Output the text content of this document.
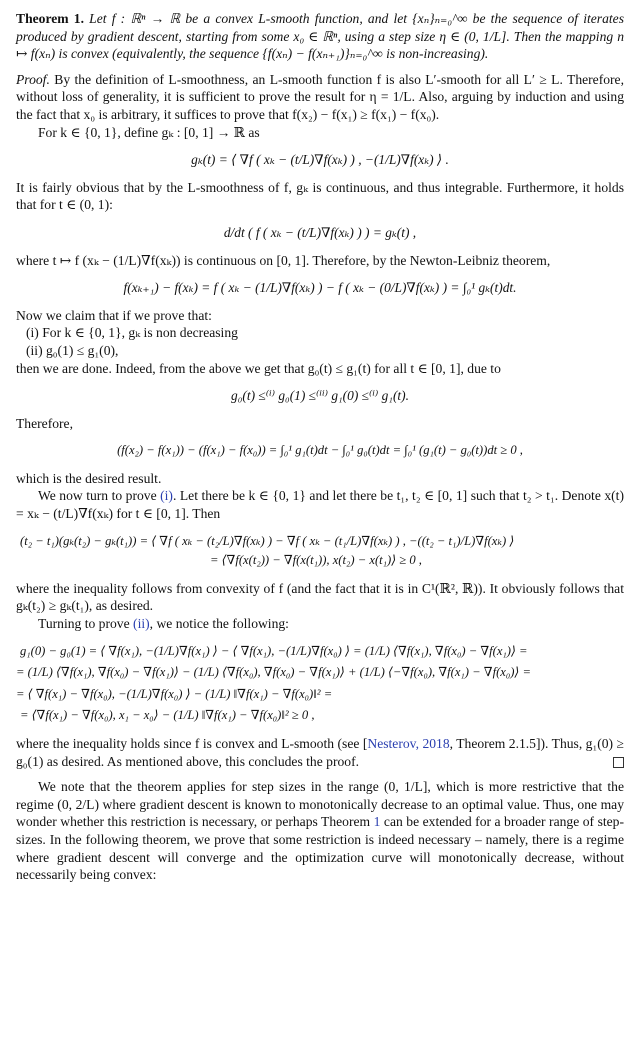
Theorem 1. Let f : ℝⁿ → ℝ be a convex L-smooth function, and let {xₙ}ₙ₌₀^∞ be the sequence of iterates produced by gradient descent, starting from some x₀ ∈ ℝⁿ, using a step size η ∈ (0, 1/L]. Then the mapping n ↦ f(xₙ) is convex (equivalently, the sequence {f(xₙ) − f(xₙ₊₁)}ₙ₌₀^∞ is non-increasing).

Proof. By the definition of L-smoothness, an L-smooth function f is also L′-smooth for all L′ ≥ L. Therefore, without loss of generality, it is sufficient to prove the result for η = 1/L. Also, arguing by induction and using the fact that x₀ is arbitrary, it suffices to prove that f(x₂) − f(x₁) ≥ f(x₁) − f(x₀).

For k ∈ {0, 1}, define gₖ : [0, 1] → ℝ as

gₖ(t) = ⟨ ∇f ( xₖ − (t/L)∇f(xₖ) ) , −(1/L)∇f(xₖ) ⟩ .

It is fairly obvious that by the L-smoothness of f, gₖ is continuous, and thus integrable. Furthermore, it holds that for t ∈ (0, 1):

d/dt ( f ( xₖ − (t/L)∇f(xₖ) ) ) = gₖ(t) ,

where t ↦ f (xₖ − (1/L)∇f(xₖ)) is continuous on [0, 1]. Therefore, by the Newton-Leibniz theorem,

f(xₖ₊₁) − f(xₖ) = f ( xₖ − (1/L)∇f(xₖ) ) − f ( xₖ − (0/L)∇f(xₖ) ) = ∫₀¹ gₖ(t)dt.

Now we claim that if we prove that:

(i) For k ∈ {0, 1}, gₖ is non decreasing

(ii) g₀(1) ≤ g₁(0),

then we are done. Indeed, from the above we get that g₀(t) ≤ g₁(t) for all t ∈ [0, 1], due to

g₀(t) ≤⁽ⁱ⁾ g₀(1) ≤⁽ⁱⁱ⁾ g₁(0) ≤⁽ⁱ⁾ g₁(t).

Therefore,

(f(x₂) − f(x₁)) − (f(x₁) − f(x₀)) = ∫₀¹ g₁(t)dt − ∫₀¹ g₀(t)dt = ∫₀¹ (g₁(t) − g₀(t))dt ≥ 0 ,

which is the desired result.

We now turn to prove (i). Let there be k ∈ {0, 1} and let there be t₁, t₂ ∈ [0, 1] such that t₂ > t₁. Denote x(t) = xₖ − (t/L)∇f(xₖ) for t ∈ [0, 1]. Then

(t₂ − t₁)(gₖ(t₂) − gₖ(t₁)) = ⟨ ∇f ( xₖ − (t₂/L)∇f(xₖ) ) − ∇f ( xₖ − (t₁/L)∇f(xₖ) ) , −((t₂ − t₁)/L)∇f(xₖ) ⟩
= ⟨∇f(x(t₂)) − ∇f(x(t₁)), x(t₂) − x(t₁)⟩ ≥ 0 ,

where the inequality follows from convexity of f (and the fact that it is in C¹(ℝ², ℝ)). It obviously follows that gₖ(t₂) ≥ gₖ(t₁), as desired.

Turning to prove (ii), we notice the following:

g₁(0) − g₀(1) = ⟨ ∇f(x₁), −(1/L)∇f(x₁) ⟩ − ⟨ ∇f(x₁), −(1/L)∇f(x₀) ⟩ = (1/L) ⟨∇f(x₁), ∇f(x₀) − ∇f(x₁)⟩ =
= (1/L) ⟨∇f(x₁), ∇f(x₀) − ∇f(x₁)⟩ − (1/L) ⟨∇f(x₀), ∇f(x₀) − ∇f(x₁)⟩ + (1/L) ⟨−∇f(x₀), ∇f(x₁) − ∇f(x₀)⟩ =
= ⟨ ∇f(x₁) − ∇f(x₀), −(1/L)∇f(x₀) ⟩ − (1/L) ‖∇f(x₁) − ∇f(x₀)‖² =
= ⟨∇f(x₁) − ∇f(x₀), x₁ − x₀⟩ − (1/L) ‖∇f(x₁) − ∇f(x₀)‖² ≥ 0 ,

where the inequality holds since f is convex and L-smooth (see [Nesterov, 2018, Theorem 2.1.5]). Thus, g₁(0) ≥ g₀(1) as desired. As mentioned above, this concludes the proof.

We note that the theorem applies for step sizes in the range (0, 1/L], which is more restrictive that the regime (0, 2/L) where gradient descent is known to monotonically decrease to an optimal value. Thus, one may wonder whether this restriction is necessary, or perhaps Theorem 1 can be extended for a broader range of step-sizes. In the following theorem, we prove that some restriction is indeed necessary – namely, there is a regime where gradient descent will converge and the optimization curve will monotonically decrease, without necessarily being convex:
